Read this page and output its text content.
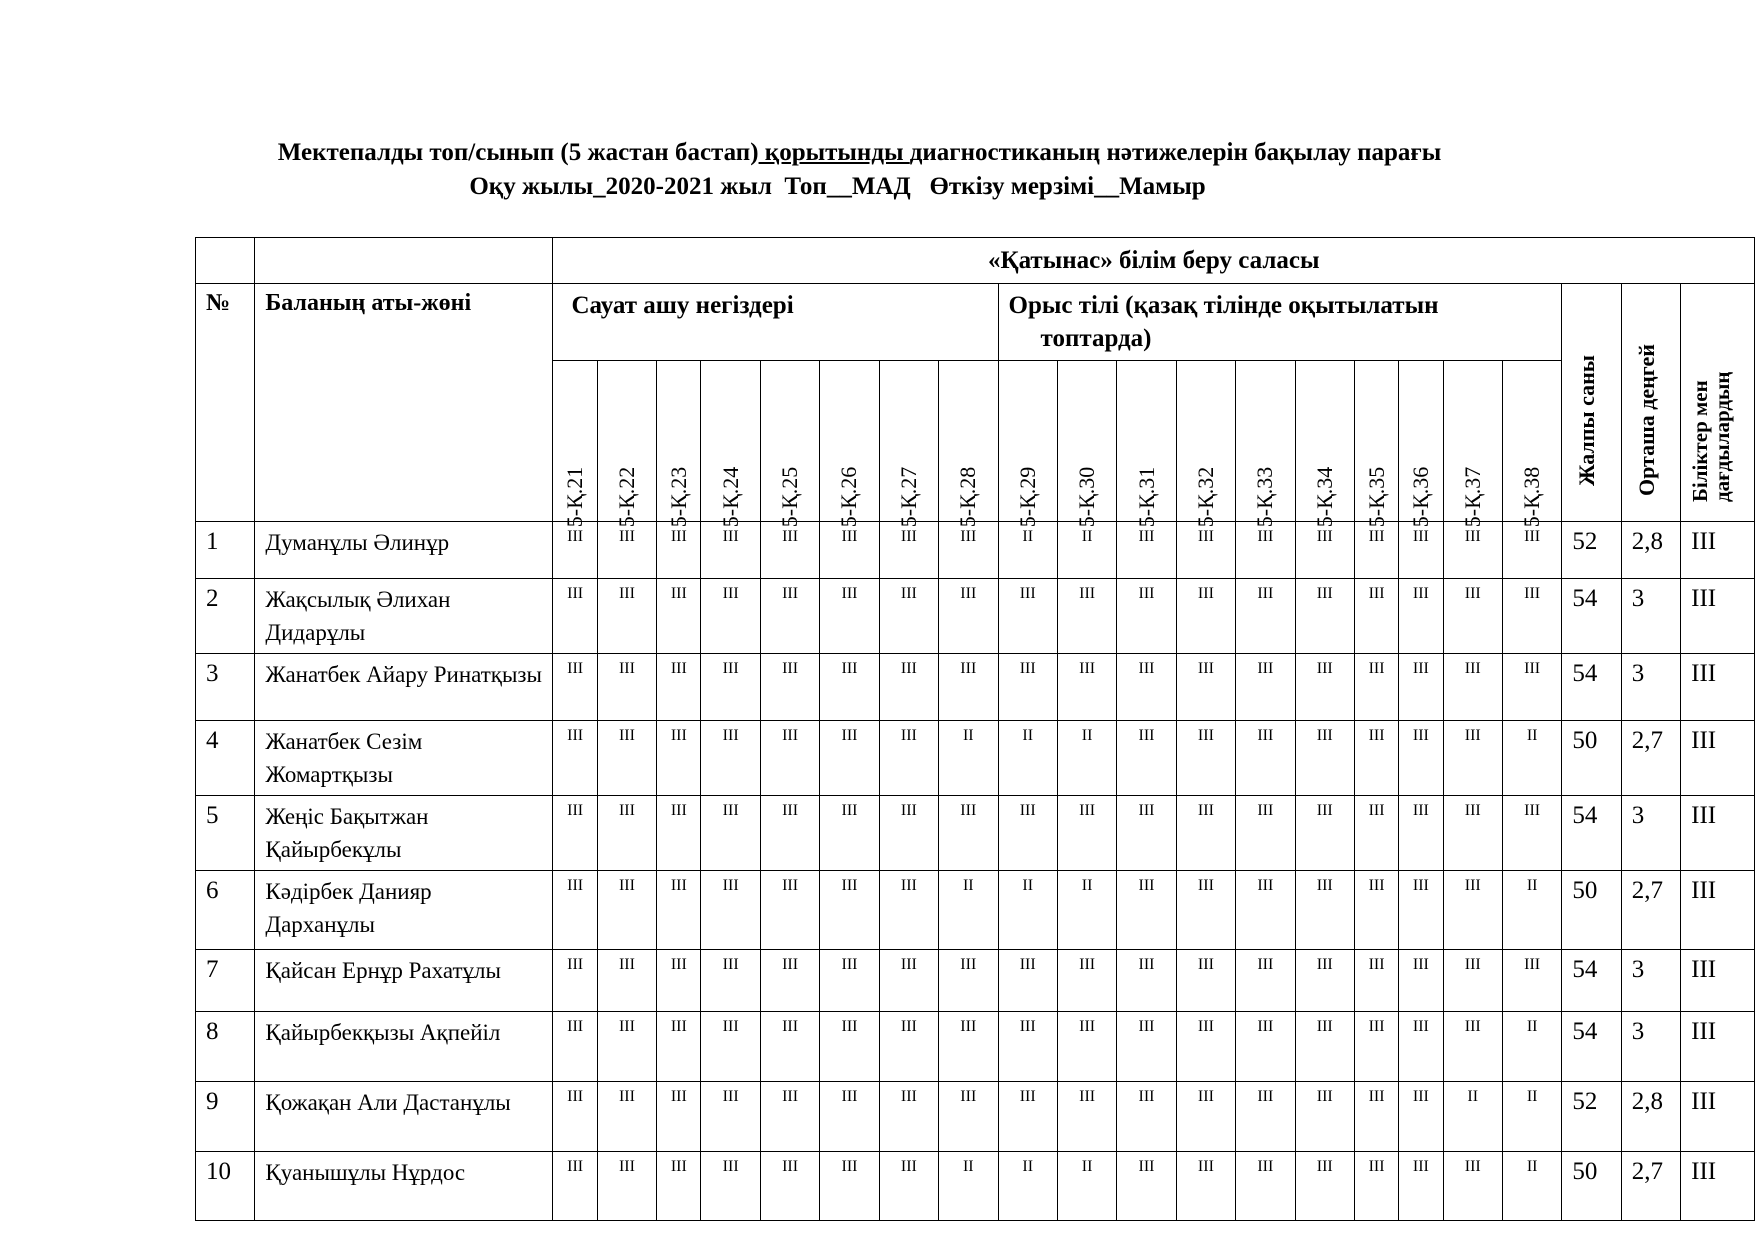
Мектепалды топ/сынып (5 жастан бастап) қорытынды диагностиканың нәтижелерін бақылау парағы
Оқу жылы_2020-2021 жыл  Топ__МАД   Өткізу мерзімі__Мамыр
		«Қатынас» білім беру саласы																				
№	Баланың аты-жөні	Сауат ашу негіздері								Орыс тілі (қазақ тілінде оқытылатын
топтарда)										Жалпы саны	Орташа деңгей	Біліктер мен дағдылардың

		5-Қ.21	5-Қ.22	5-Қ.23	5-Қ.24	5-Қ.25	5-Қ.26	5-Қ.27	5-Қ.28	5-Қ.29	5-Қ.30	5-Қ.31	5-Қ.32	5-Қ.33	5-Қ.34	5-Қ.35	5-Қ.36	5-Қ.37	5-Қ.38			

1	Думанұлы Әлинұр	III	III	III	III	III	III	III	III	II	II	III	III	III	III	III	III	III	III	52	2,8	III
2	Жақсылық Әлихан Дидарұлы	III	III	III	III	III	III	III	III	III	III	III	III	III	III	III	III	III	III	54	3	III
3	Жанатбек Айару Ринатқызы	III	III	III	III	III	III	III	III	III	III	III	III	III	III	III	III	III	III	54	3	III
4	Жанатбек Сезім Жомартқызы	III	III	III	III	III	III	III	II	II	II	III	III	III	III	III	III	III	II	50	2,7	III
5	Жеңіс Бақытжан Қайырбекұлы	III	III	III	III	III	III	III	III	III	III	III	III	III	III	III	III	III	III	54	3	III
6	Кәдірбек Данияр Дарханұлы	III	III	III	III	III	III	III	II	II	II	III	III	III	III	III	III	III	II	50	2,7	III
7	Қайсан Ернұр Рахатұлы	III	III	III	III	III	III	III	III	III	III	III	III	III	III	III	III	III	III	54	3	III
8	Қайырбекқызы Ақпейіл	III	III	III	III	III	III	III	III	III	III	III	III	III	III	III	III	III	II	54	3	III
9	Қожақан Али Дастанұлы	III	III	III	III	III	III	III	III	III	III	III	III	III	III	III	III	II	II	52	2,8	III
10	Қуанышұлы Нұрдос	III	III	III	III	III	III	III	II	II	II	III	III	III	III	III	III	III	II	50	2,7	III
